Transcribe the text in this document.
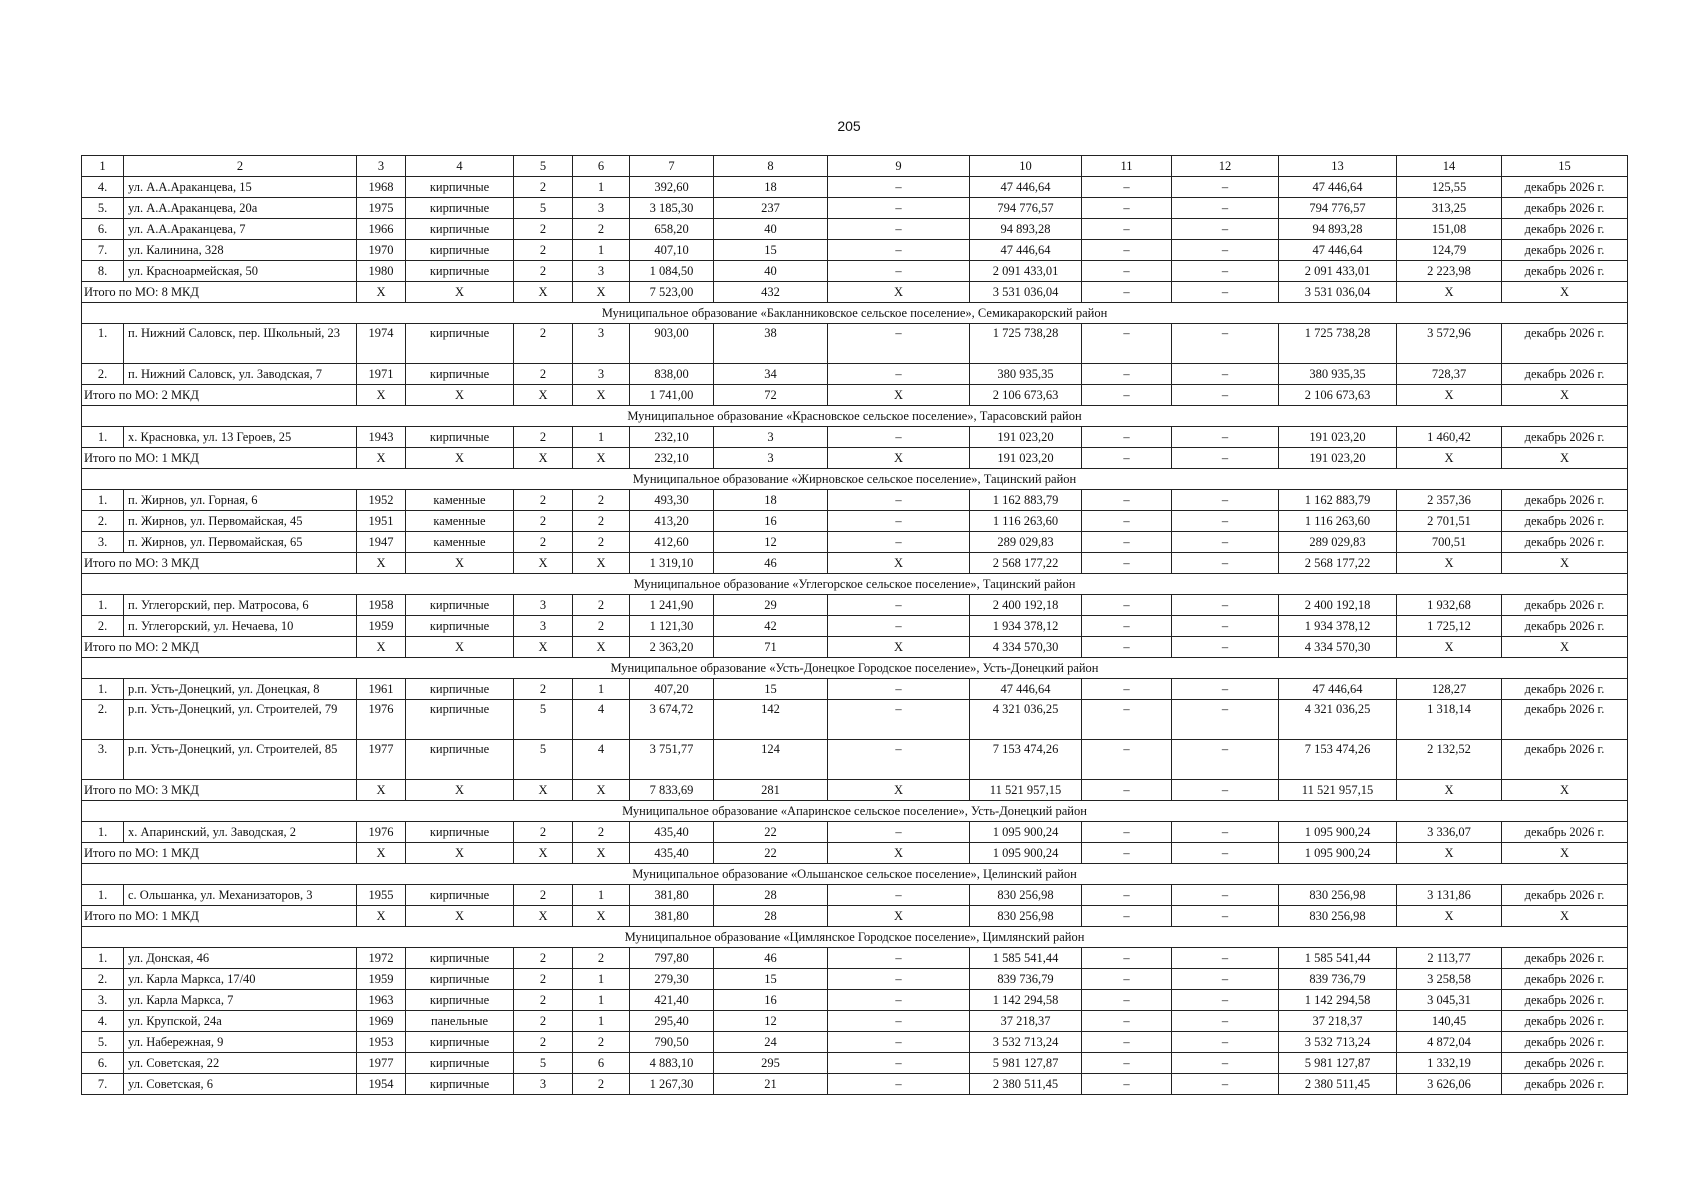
205
1	2	3	4	5	6	7	8	9	10	11	12	13	14	15
4.	ул. А.А.Араканцева, 15	1968	кирпичные	2	1	392,60	18	–	47 446,64	–	–	47 446,64	125,55	декабрь 2026 г.
5.	ул. А.А.Араканцева, 20а	1975	кирпичные	5	3	3 185,30	237	–	794 776,57	–	–	794 776,57	313,25	декабрь 2026 г.
6.	ул. А.А.Араканцева, 7	1966	кирпичные	2	2	658,20	40	–	94 893,28	–	–	94 893,28	151,08	декабрь 2026 г.
7.	ул. Калинина, 328	1970	кирпичные	2	1	407,10	15	–	47 446,64	–	–	47 446,64	124,79	декабрь 2026 г.
8.	ул. Красноармейская, 50	1980	кирпичные	2	3	1 084,50	40	–	2 091 433,01	–	–	2 091 433,01	2 223,98	декабрь 2026 г.
Итого по МО: 8 МКД		X	X	X	X	7 523,00	432	X	3 531 036,04	–	–	3 531 036,04	X	X
Муниципальное образование «Бакланниковское сельское поселение», Семикаракорский район														
1.	п. Нижний Саловск, пер. Школьный, 23	1974	кирпичные	2	3	903,00	38	–	1 725 738,28	–	–	1 725 738,28	3 572,96	декабрь 2026 г.
2.	п. Нижний Саловск, ул. Заводская, 7	1971	кирпичные	2	3	838,00	34	–	380 935,35	–	–	380 935,35	728,37	декабрь 2026 г.
Итого по МО: 2 МКД		X	X	X	X	1 741,00	72	X	2 106 673,63	–	–	2 106 673,63	X	X
Муниципальное образование «Красновское сельское поселение», Тарасовский район														
1.	х. Красновка, ул. 13 Героев, 25	1943	кирпичные	2	1	232,10	3	–	191 023,20	–	–	191 023,20	1 460,42	декабрь 2026 г.
Итого по МО: 1 МКД		X	X	X	X	232,10	3	X	191 023,20	–	–	191 023,20	X	X
Муниципальное образование «Жирновское сельское поселение», Тацинский район														
1.	п. Жирнов, ул. Горная, 6	1952	каменные	2	2	493,30	18	–	1 162 883,79	–	–	1 162 883,79	2 357,36	декабрь 2026 г.
2.	п. Жирнов, ул. Первомайская, 45	1951	каменные	2	2	413,20	16	–	1 116 263,60	–	–	1 116 263,60	2 701,51	декабрь 2026 г.
3.	п. Жирнов, ул. Первомайская, 65	1947	каменные	2	2	412,60	12	–	289 029,83	–	–	289 029,83	700,51	декабрь 2026 г.
Итого по МО: 3 МКД		X	X	X	X	1 319,10	46	X	2 568 177,22	–	–	2 568 177,22	X	X
Муниципальное образование «Углегорское сельское поселение», Тацинский район														
1.	п. Углегорский, пер. Матросова, 6	1958	кирпичные	3	2	1 241,90	29	–	2 400 192,18	–	–	2 400 192,18	1 932,68	декабрь 2026 г.
2.	п. Углегорский, ул. Нечаева, 10	1959	кирпичные	3	2	1 121,30	42	–	1 934 378,12	–	–	1 934 378,12	1 725,12	декабрь 2026 г.
Итого по МО: 2 МКД		X	X	X	X	2 363,20	71	X	4 334 570,30	–	–	4 334 570,30	X	X
Муниципальное образование «Усть-Донецкое Городское поселение», Усть-Донецкий район														
1.	р.п. Усть-Донецкий, ул. Донецкая, 8	1961	кирпичные	2	1	407,20	15	–	47 446,64	–	–	47 446,64	128,27	декабрь 2026 г.
2.	р.п. Усть-Донецкий, ул. Строителей, 79	1976	кирпичные	5	4	3 674,72	142	–	4 321 036,25	–	–	4 321 036,25	1 318,14	декабрь 2026 г.
3.	р.п. Усть-Донецкий, ул. Строителей, 85	1977	кирпичные	5	4	3 751,77	124	–	7 153 474,26	–	–	7 153 474,26	2 132,52	декабрь 2026 г.
Итого по МО: 3 МКД		X	X	X	X	7 833,69	281	X	11 521 957,15	–	–	11 521 957,15	X	X
Муниципальное образование «Апаринское сельское поселение», Усть-Донецкий район														
1.	х. Апаринский, ул. Заводская, 2	1976	кирпичные	2	2	435,40	22	–	1 095 900,24	–	–	1 095 900,24	3 336,07	декабрь 2026 г.
Итого по МО: 1 МКД		X	X	X	X	435,40	22	X	1 095 900,24	–	–	1 095 900,24	X	X
Муниципальное образование «Ольшанское сельское поселение», Целинский район														
1.	с. Ольшанка, ул. Механизаторов, 3	1955	кирпичные	2	1	381,80	28	–	830 256,98	–	–	830 256,98	3 131,86	декабрь 2026 г.
Итого по МО: 1 МКД		X	X	X	X	381,80	28	X	830 256,98	–	–	830 256,98	X	X
Муниципальное образование «Цимлянское Городское поселение», Цимлянский район														
1.	ул. Донская, 46	1972	кирпичные	2	2	797,80	46	–	1 585 541,44	–	–	1 585 541,44	2 113,77	декабрь 2026 г.
2.	ул. Карла Маркса, 17/40	1959	кирпичные	2	1	279,30	15	–	839 736,79	–	–	839 736,79	3 258,58	декабрь 2026 г.
3.	ул. Карла Маркса, 7	1963	кирпичные	2	1	421,40	16	–	1 142 294,58	–	–	1 142 294,58	3 045,31	декабрь 2026 г.
4.	ул. Крупской, 24а	1969	панельные	2	1	295,40	12	–	37 218,37	–	–	37 218,37	140,45	декабрь 2026 г.
5.	ул. Набережная, 9	1953	кирпичные	2	2	790,50	24	–	3 532 713,24	–	–	3 532 713,24	4 872,04	декабрь 2026 г.
6.	ул. Советская, 22	1977	кирпичные	5	6	4 883,10	295	–	5 981 127,87	–	–	5 981 127,87	1 332,19	декабрь 2026 г.
7.	ул. Советская, 6	1954	кирпичные	3	2	1 267,30	21	–	2 380 511,45	–	–	2 380 511,45	3 626,06	декабрь 2026 г.
